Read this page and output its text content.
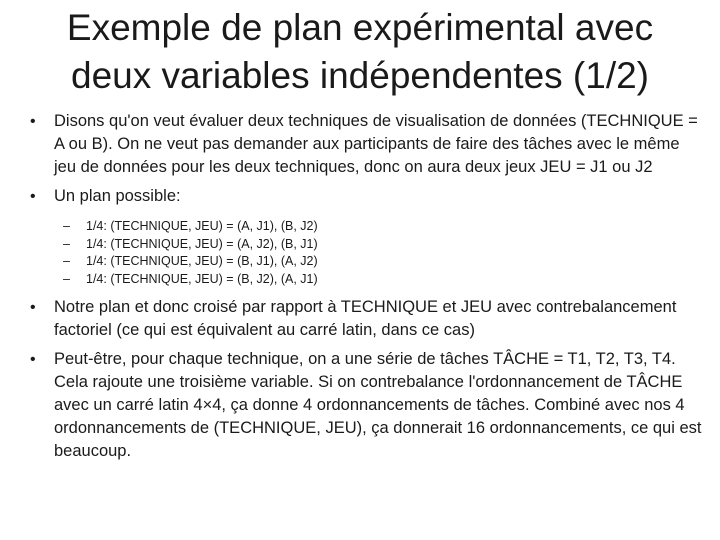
Exemple de plan expérimental avec
deux variables indépendentes (1/2)
• Disons qu'on veut évaluer deux techniques de visualisation de données (TECHNIQUE = A ou B). On ne veut pas demander aux participants de faire des tâches avec le même jeu de données pour les deux techniques, donc on aura deux jeux JEU = J1 ou J2
• Un plan possible:
– 1/4: (TECHNIQUE, JEU) = (A, J1), (B, J2)
– 1/4: (TECHNIQUE, JEU) = (A, J2), (B, J1)
– 1/4: (TECHNIQUE, JEU) = (B, J1), (A, J2)
– 1/4: (TECHNIQUE, JEU) = (B, J2), (A, J1)
• Notre plan et donc croisé par rapport à TECHNIQUE et JEU avec contrebalancement factoriel (ce qui est équivalent au carré latin, dans ce cas)
• Peut-être, pour chaque technique, on a une série de tâches TÂCHE = T1, T2, T3, T4. Cela rajoute une troisième variable. Si on contrebalance l'ordonnancement de TÂCHE avec un carré latin 4×4, ça donne 4 ordonnancements de tâches. Combiné avec nos 4 ordonnancements de (TECHNIQUE, JEU), ça donnerait 16 ordonnancements, ce qui est beaucoup.
